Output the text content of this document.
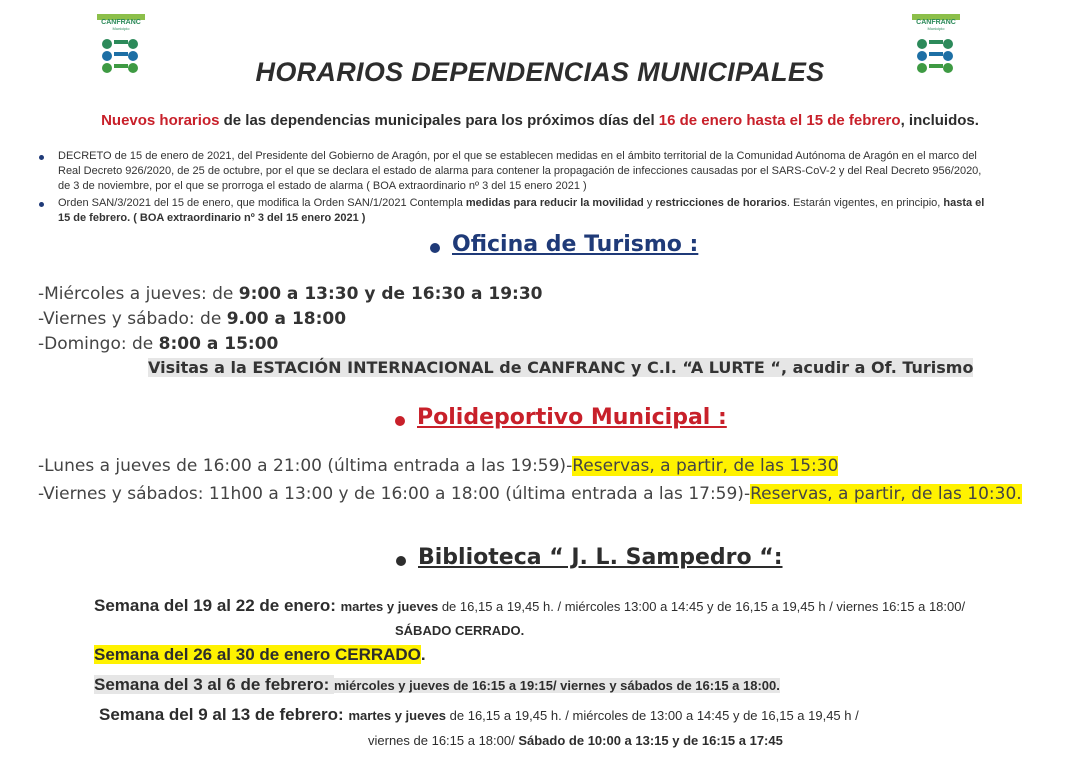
CANFRANC
Municipio
CANFRANC
Municipio
HORARIOS DEPENDENCIAS MUNICIPALES
Nuevos horarios de las dependencias municipales para los próximos días del 16 de enero hasta el 15 de febrero, incluidos.
DECRETO de 15 de enero de 2021, del Presidente del Gobierno de Aragón, por el que se establecen medidas en el ámbito territorial de la Comunidad Autónoma de Aragón en el marco del
Real Decreto 926/2020, de 25 de octubre, por el que se declara el estado de alarma para contener la propagación de infecciones causadas por el SARS-CoV-2 y del Real Decreto 956/2020,
de 3 de noviembre, por el que se prorroga el estado de alarma ( BOA extraordinario nº 3 del 15 enero 2021 )
Orden SAN/3/2021 del 15 de enero, que modifica la Orden SAN/1/2021 Contempla medidas para reducir la movilidad y restricciones de horarios. Estarán vigentes, en principio, hasta el
15 de febrero. ( BOA extraordinario nº 3 del 15 enero 2021 )
Oficina de Turismo :
-Miércoles a jueves: de 9:00 a 13:30 y de 16:30 a 19:30
-Viernes y sábado: de 9.00 a 18:00
-Domingo: de 8:00 a 15:00
Visitas a la ESTACIÓN INTERNACIONAL de CANFRANC y C.I. “A LURTE “, acudir a Of. Turismo
Polideportivo Municipal :
-Lunes a jueves de 16:00 a 21:00 (última entrada a las 19:59)-Reservas, a partir, de las 15:30
-Viernes y sábados: 11h00 a 13:00 y de 16:00 a 18:00 (última entrada a las 17:59)-Reservas, a partir, de las 10:30.
Biblioteca “ J. L. Sampedro “:
Semana del 19 al 22 de enero: martes y jueves de 16,15 a 19,45 h. / miércoles 13:00 a 14:45 y de 16,15 a 19,45 h / viernes 16:15 a 18:00/
SÁBADO CERRADO.
Semana del 26 al 30 de enero CERRADO.
Semana del 3 al 6 de febrero: miércoles y jueves de 16:15 a 19:15/ viernes y sábados de 16:15 a 18:00.
Semana del 9 al 13 de febrero: martes y jueves de 16,15 a 19,45 h. / miércoles de 13:00 a 14:45 y de 16,15 a 19,45 h /
viernes de 16:15 a 18:00/ Sábado de 10:00 a 13:15 y de 16:15 a 17:45
